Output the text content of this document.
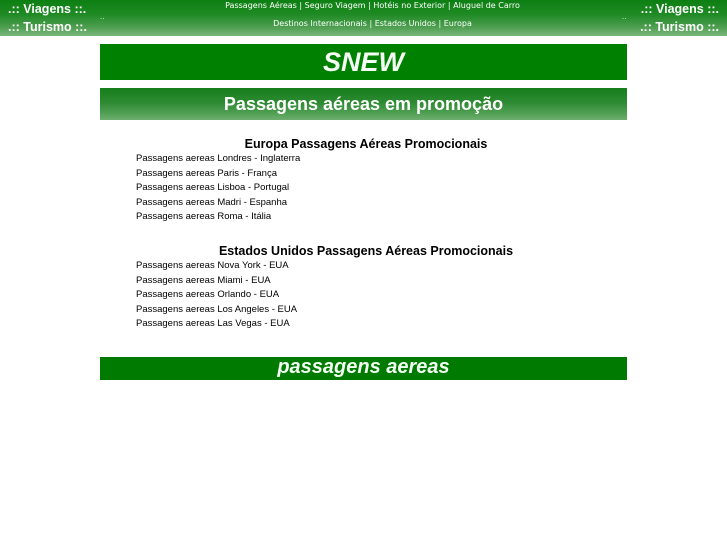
.:: Viagens ::.
.:: Turismo ::.
..
Passagens Aéreas | Seguro Viagem | Hotéis no Exterior | Aluguel de Carro
Destinos Internacionais | Estados Unidos | Europa
..
.:: Viagens ::.
.:: Turismo ::.
SNEW
Passagens aéreas em promoção
Europa Passagens Aéreas Promocionais
Passagens aereas Londres - Inglaterra
Passagens aereas Paris - França
Passagens aereas Lisboa - Portugal
Passagens aereas Madri - Espanha
Passagens aereas Roma - Itália
Estados Unidos Passagens Aéreas Promocionais
Passagens aereas Nova York - EUA
Passagens aereas Miami - EUA
Passagens aereas Orlando - EUA
Passagens aereas Los Angeles - EUA
Passagens aereas Las Vegas - EUA
passagens aereas
